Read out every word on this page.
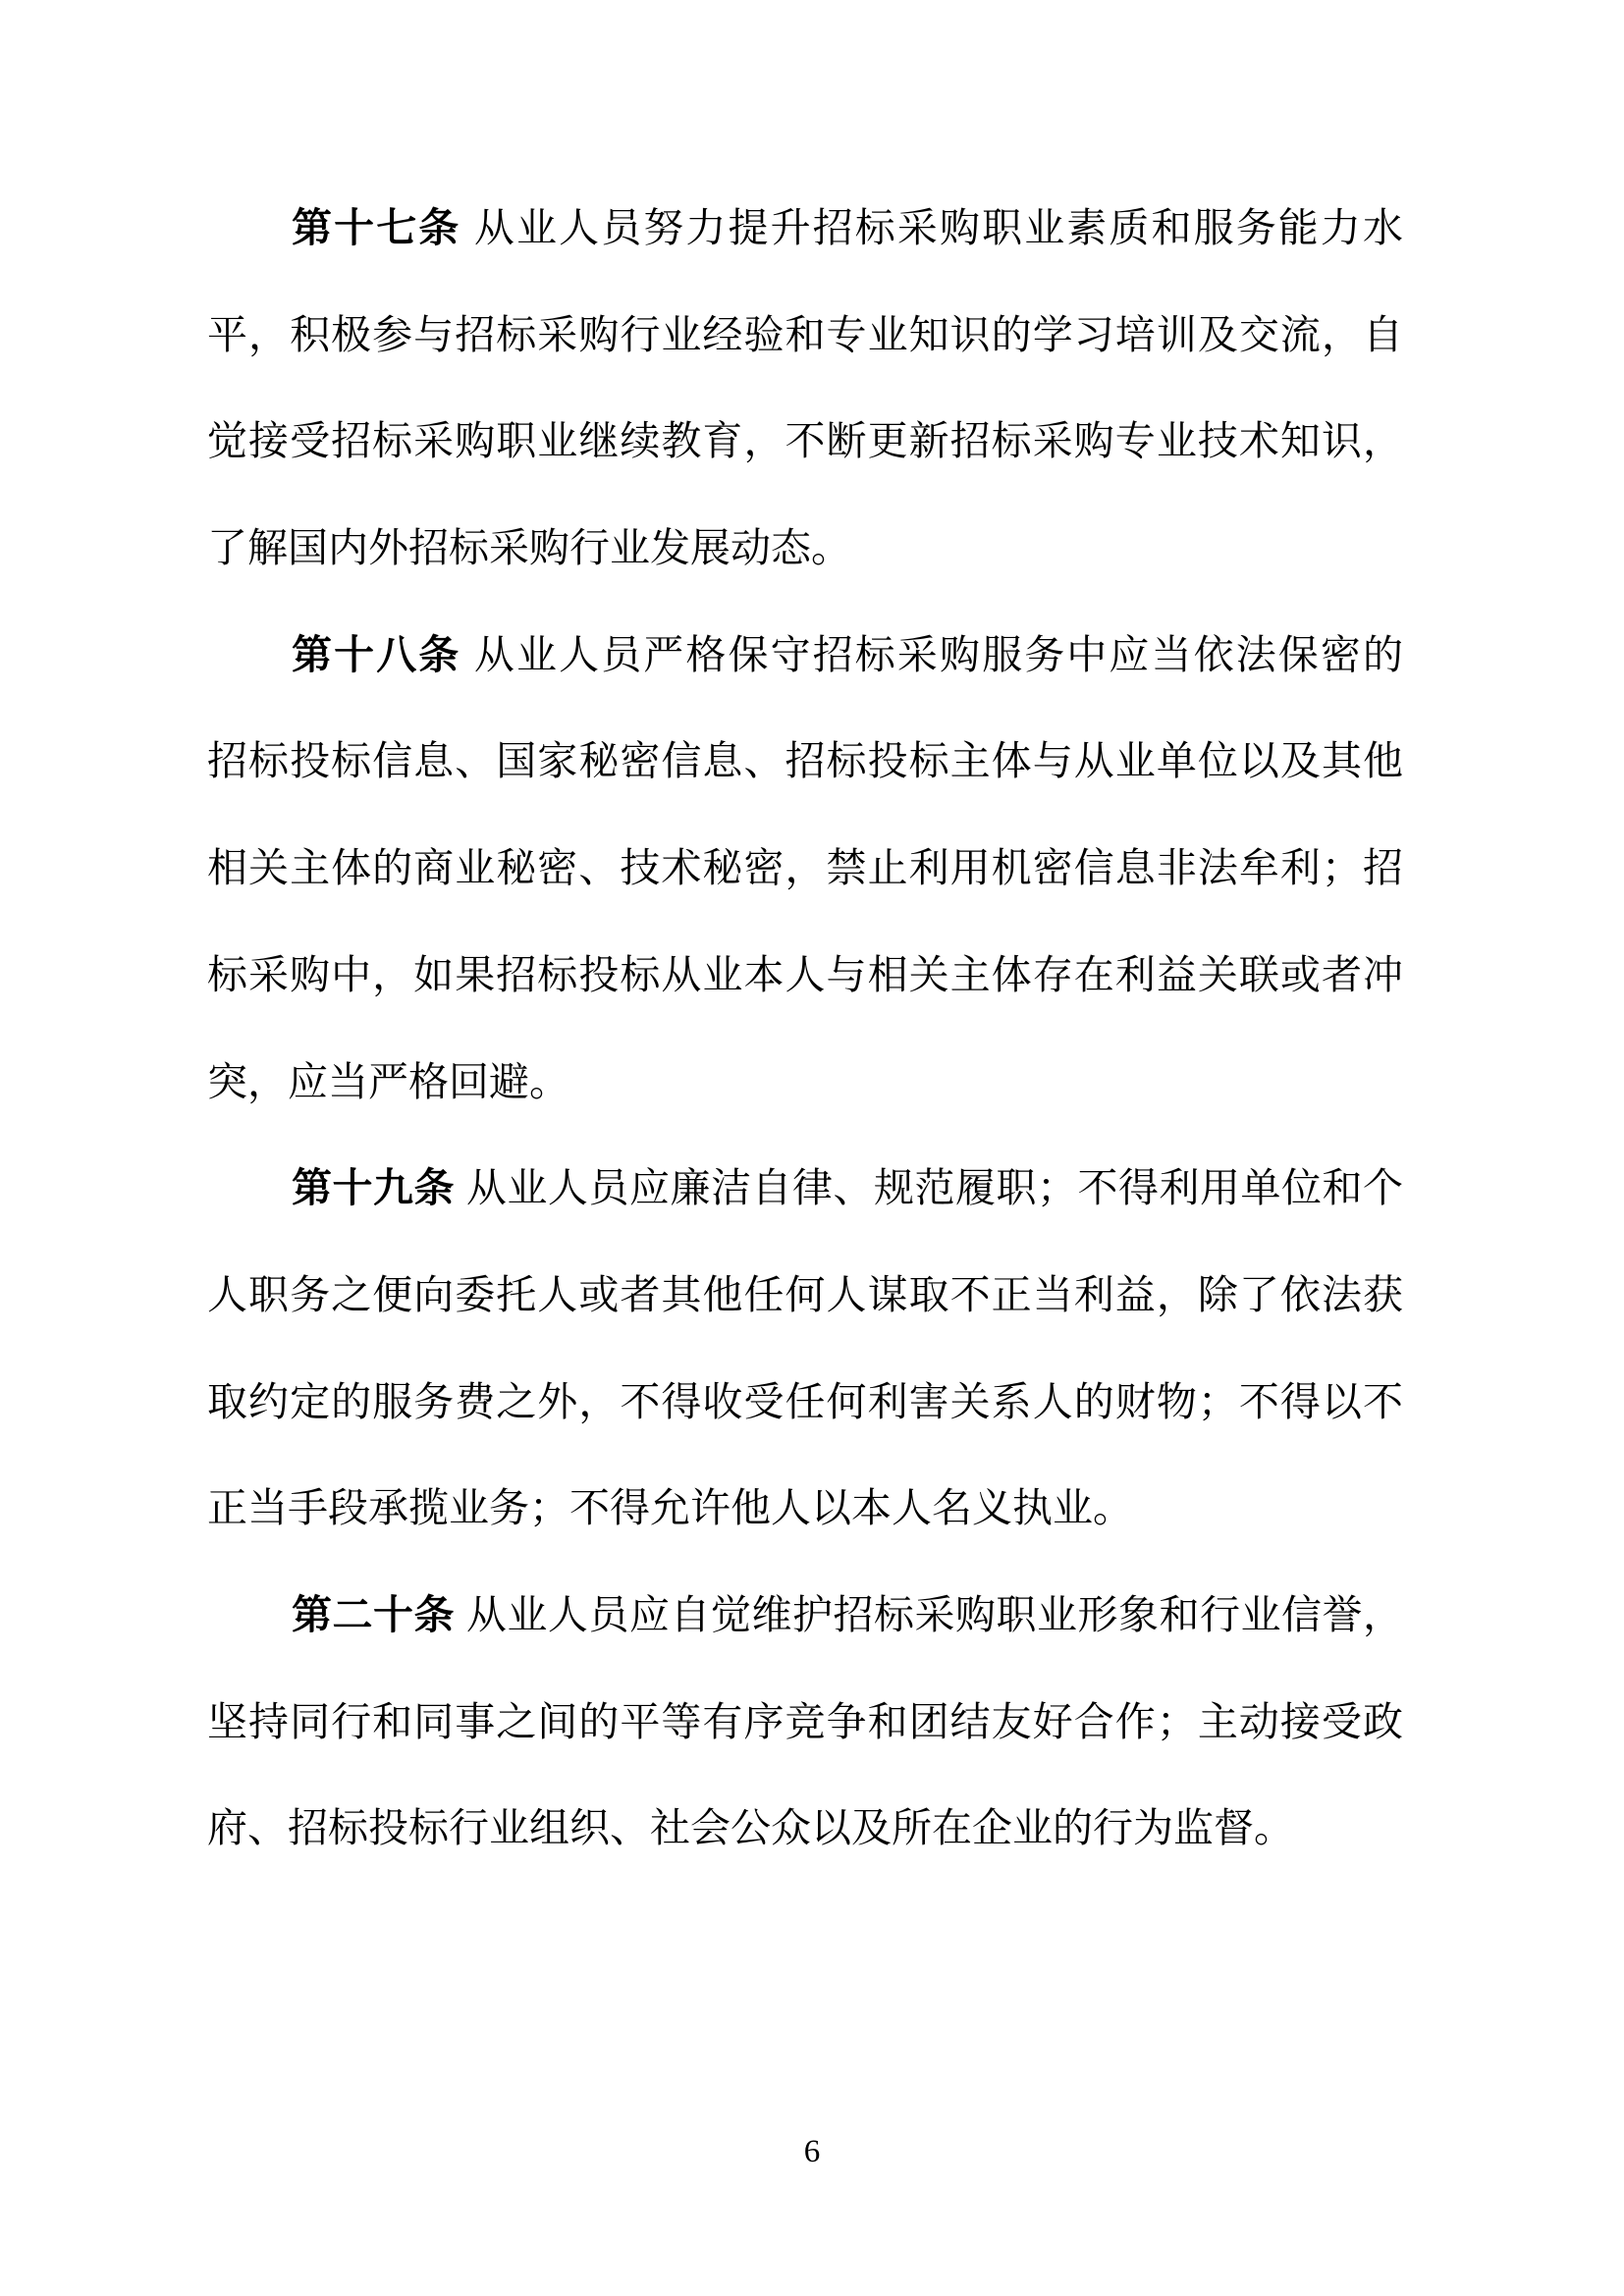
第十七条 从业人员努力提升招标采购职业素质和服务能力水
平，积极参与招标采购行业经验和专业知识的学习培训及交流，自
觉接受招标采购职业继续教育，不断更新招标采购专业技术知识，
了解国内外招标采购行业发展动态。
第十八条 从业人员严格保守招标采购服务中应当依法保密的
招标投标信息、国家秘密信息、招标投标主体与从业单位以及其他
相关主体的商业秘密、技术秘密，禁止利用机密信息非法牟利；招
标采购中，如果招标投标从业本人与相关主体存在利益关联或者冲
突，应当严格回避。
第十九条 从业人员应廉洁自律、规范履职；不得利用单位和个
人职务之便向委托人或者其他任何人谋取不正当利益，除了依法获
取约定的服务费之外，不得收受任何利害关系人的财物；不得以不
正当手段承揽业务；不得允许他人以本人名义执业。
第二十条 从业人员应自觉维护招标采购职业形象和行业信誉，
坚持同行和同事之间的平等有序竞争和团结友好合作；主动接受政
府、招标投标行业组织、社会公众以及所在企业的行为监督。
6
